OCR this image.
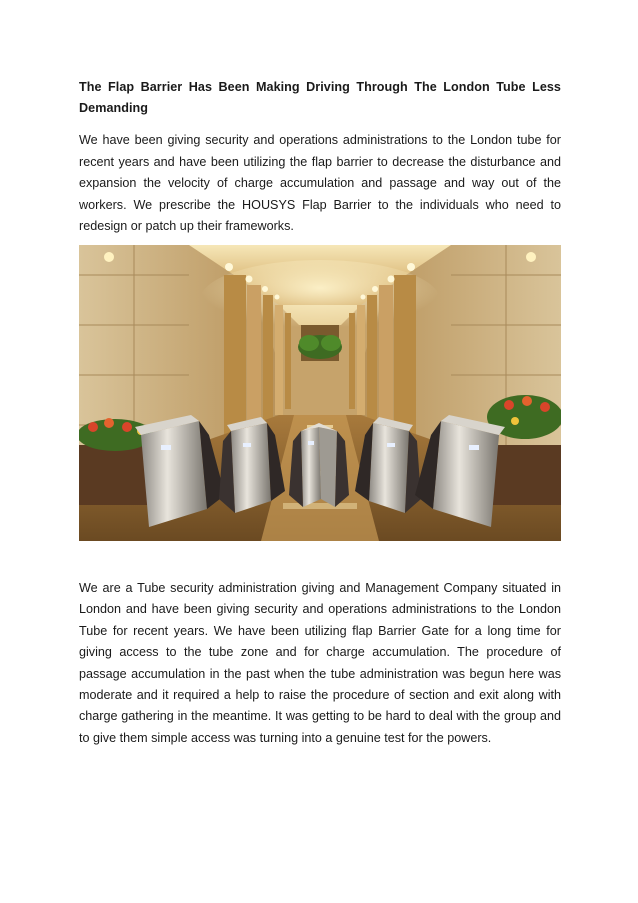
The Flap Barrier Has Been Making Driving Through The London Tube Less Demanding
We have been giving security and operations administrations to the London tube for recent years and have been utilizing the flap barrier to decrease the disturbance and expansion the velocity of charge accumulation and passage and way out of the workers. We prescribe the HOUSYS Flap Barrier to the individuals who need to redesign or patch up their frameworks.
We are a Tube security administration giving and Management Company situated in London and have been giving security and operations administrations to the London Tube for recent years. We have been utilizing flap Barrier Gate for a long time for giving access to the tube zone and for charge accumulation. The procedure of passage accumulation in the past when the tube administration was begun here was moderate and it required a help to raise the procedure of section and exit along with charge gathering in the meantime. It was getting to be hard to deal with the group and to give them simple access was turning into a genuine test for the powers.
